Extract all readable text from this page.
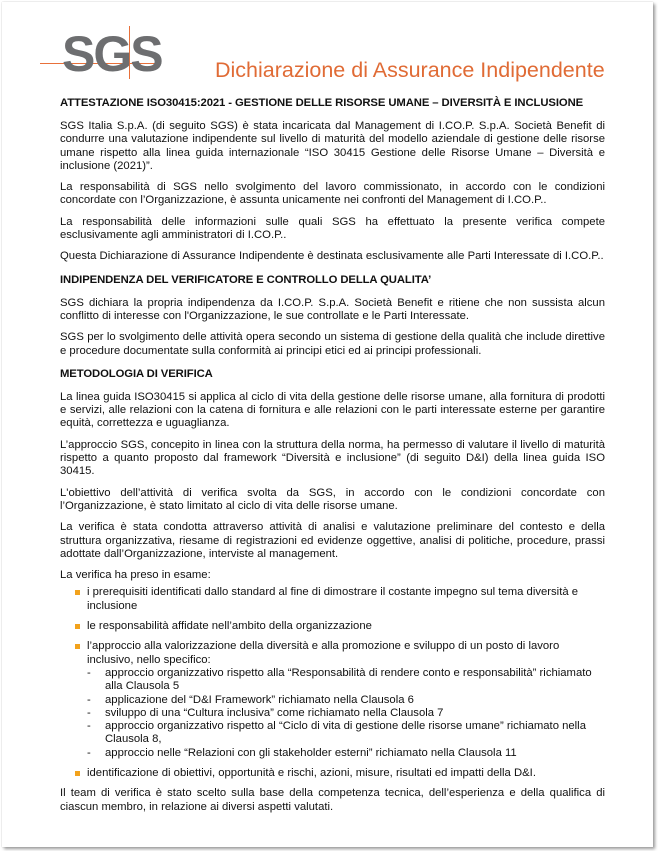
SGS Dichiarazione di Assurance Indipendente
ATTESTAZIONE ISO30415:2021 - GESTIONE DELLE RISORSE UMANE – DIVERSITÀ E INCLUSIONE

SGS Italia S.p.A. (di seguito SGS) è stata incaricata dal Management di I.CO.P. S.p.A. Società Benefit di condurre una valutazione indipendente sul livello di maturità del modello aziendale di gestione delle risorse umane rispetto alla linea guida internazionale “ISO 30415 Gestione delle Risorse Umane – Diversità e inclusione (2021)”.

La responsabilità di SGS nello svolgimento del lavoro commissionato, in accordo con le condizioni concordate con l’Organizzazione, è assunta unicamente nei confronti del Management di I.CO.P..

La responsabilità delle informazioni sulle quali SGS ha effettuato la presente verifica compete esclusivamente agli amministratori di I.CO.P..

Questa Dichiarazione di Assurance Indipendente è destinata esclusivamente alle Parti Interessate di I.CO.P..

INDIPENDENZA DEL VERIFICATORE E CONTROLLO DELLA QUALITA’

SGS dichiara la propria indipendenza da I.CO.P. S.p.A. Società Benefit e ritiene che non sussista alcun conflitto di interesse con l'Organizzazione, le sue controllate e le Parti Interessate.

SGS per lo svolgimento delle attività opera secondo un sistema di gestione della qualità che include direttive e procedure documentate sulla conformità ai principi etici ed ai principi professionali.

METODOLOGIA DI VERIFICA

La linea guida ISO30415 si applica al ciclo di vita della gestione delle risorse umane, alla fornitura di prodotti e servizi, alle relazioni con la catena di fornitura e alle relazioni con le parti interessate esterne per garantire equità, correttezza e uguaglianza.

L’approccio SGS, concepito in linea con la struttura della norma, ha permesso di valutare il livello di maturità rispetto a quanto proposto dal framework “Diversità e inclusione” (di seguito D&I) della linea guida ISO 30415.

L'obiettivo dell’attività di verifica svolta da SGS, in accordo con le condizioni concordate con l’Organizzazione, è stato limitato al ciclo di vita delle risorse umane.

La verifica è stata condotta attraverso attività di analisi e valutazione preliminare del contesto e della struttura organizzativa, riesame di registrazioni ed evidenze oggettive, analisi di politiche, procedure, prassi adottate dall’Organizzazione, interviste al management.

La verifica ha preso in esame:

i prerequisiti identificati dallo standard al fine di dimostrare il costante impegno sul tema diversità e inclusione
le responsabilità affidate nell’ambito della organizzazione
l’approccio alla valorizzazione della diversità e alla promozione e sviluppo di un posto di lavoro inclusivo, nello specifico:
- approccio organizzativo rispetto alla “Responsabilità di rendere conto e responsabilità” richiamato alla Clausola 5
- applicazione del “D&I Framework” richiamato nella Clausola 6
- sviluppo di una “Cultura inclusiva” come richiamato nella Clausola 7
- approccio organizzativo rispetto al “Ciclo di vita di gestione delle risorse umane” richiamato nella Clausola 8,
- approccio nelle “Relazioni con gli stakeholder esterni” richiamato nella Clausola 11
identificazione di obiettivi, opportunità e rischi, azioni, misure, risultati ed impatti della D&I.

Il team di verifica è stato scelto sulla base della competenza tecnica, dell’esperienza e della qualifica di ciascun membro, in relazione ai diversi aspetti valutati.
